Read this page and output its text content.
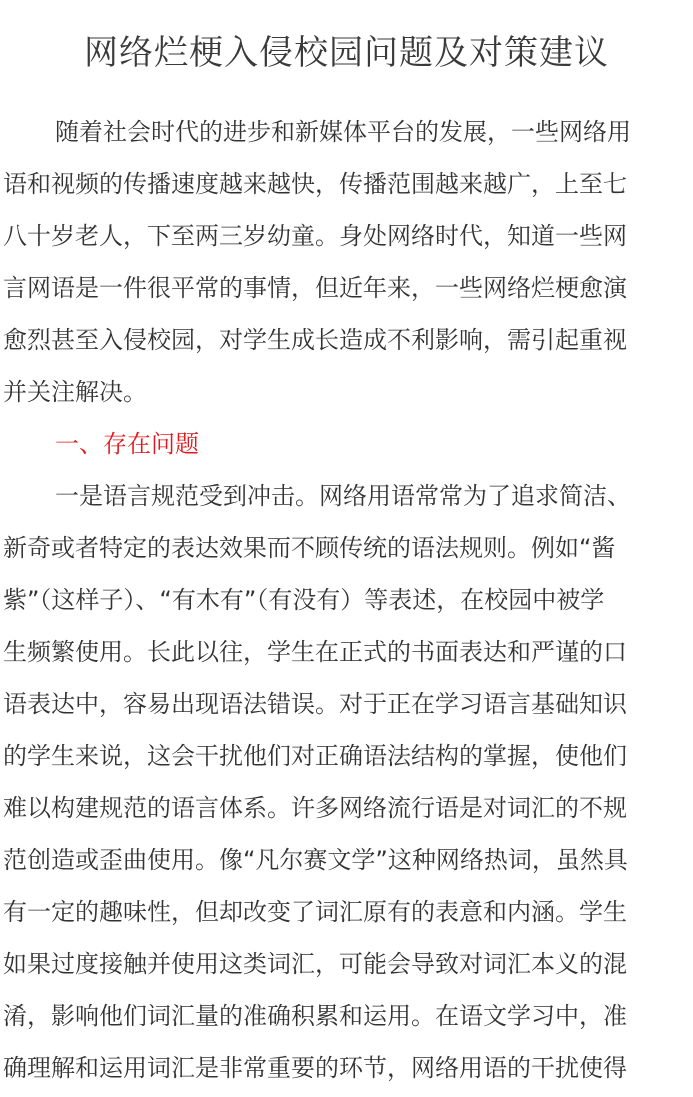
网络烂梗入侵校园问题及对策建议
随着社会时代的进步和新媒体平台的发展，一些网络用
语和视频的传播速度越来越快，传播范围越来越广，上至七
八十岁老人，下至两三岁幼童。身处网络时代，知道一些网
言网语是一件很平常的事情，但近年来，一些网络烂梗愈演
愈烈甚至入侵校园，对学生成长造成不利影响，需引起重视
并关注解决。
一、存在问题
一是语言规范受到冲击。网络用语常常为了追求简洁、
新奇或者特定的表达效果而不顾传统的语法规则。例如“酱
紫”（这样子）、“有木有”（有没有）等表述，在校园中被学
生频繁使用。长此以往，学生在正式的书面表达和严谨的口
语表达中，容易出现语法错误。对于正在学习语言基础知识
的学生来说，这会干扰他们对正确语法结构的掌握，使他们
难以构建规范的语言体系。许多网络流行语是对词汇的不规
范创造或歪曲使用。像“凡尔赛文学”这种网络热词，虽然具
有一定的趣味性，但却改变了词汇原有的表意和内涵。学生
如果过度接触并使用这类词汇，可能会导致对词汇本义的混
淆，影响他们词汇量的准确积累和运用。在语文学习中，准
确理解和运用词汇是非常重要的环节，网络用语的干扰使得
